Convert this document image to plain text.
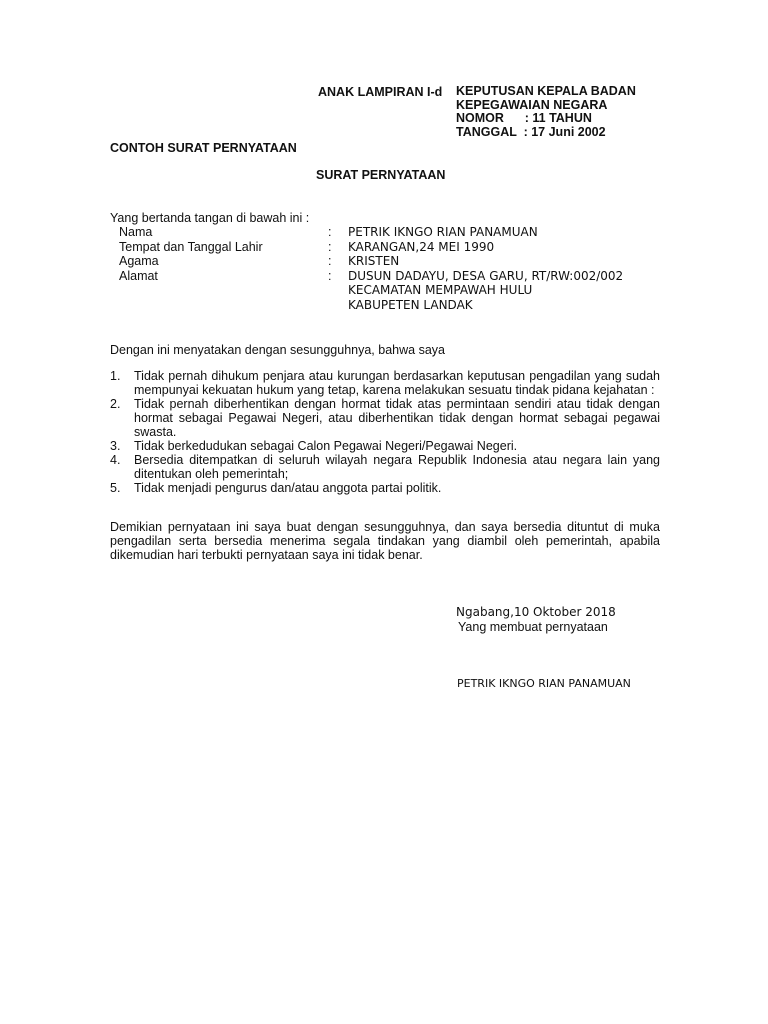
ANAK LAMPIRAN I-d KEPUTUSAN KEPALA BADAN
KEPEGAWAIAN NEGARA
NOMOR      : 11 TAHUN
TANGGAL  : 17 Juni 2002
CONTOH SURAT PERNYATAAN
SURAT PERNYATAAN
Yang bertanda tangan di bawah ini :
Nama	: PETRIK IKNGO RIAN PANAMUAN
Tempat dan Tanggal Lahir	: KARANGAN,24 MEI 1990
Agama	: KRISTEN
Alamat	: DUSUN DADAYU, DESA GARU, RT/RW:002/002
KECAMATAN MEMPAWAH HULU
KABUPETEN LANDAK
Dengan ini menyatakan dengan sesungguhnya, bahwa saya
1. Tidak pernah dihukum penjara atau kurungan berdasarkan keputusan pengadilan yang sudah mempunyai kekuatan hukum yang tetap, karena melakukan sesuatu tindak pidana kejahatan :
2. Tidak pernah diberhentikan dengan hormat tidak atas permintaan sendiri atau tidak dengan hormat sebagai Pegawai Negeri, atau diberhentikan tidak dengan hormat sebagai pegawai swasta.
3. Tidak berkedudukan sebagai Calon Pegawai Negeri/Pegawai Negeri.
4. Bersedia ditempatkan di seluruh wilayah negara Republik Indonesia atau negara lain yang ditentukan oleh pemerintah;
5. Tidak menjadi pengurus dan/atau anggota partai politik.
Demikian pernyataan ini saya buat dengan sesungguhnya, dan saya bersedia dituntut di muka pengadilan serta bersedia menerima segala tindakan yang diambil oleh pemerintah, apabila dikemudian hari terbukti pernyataan saya ini tidak benar.
Ngabang,10 Oktober 2018
Yang membuat pernyataan
PETRIK IKNGO RIAN PANAMUAN
